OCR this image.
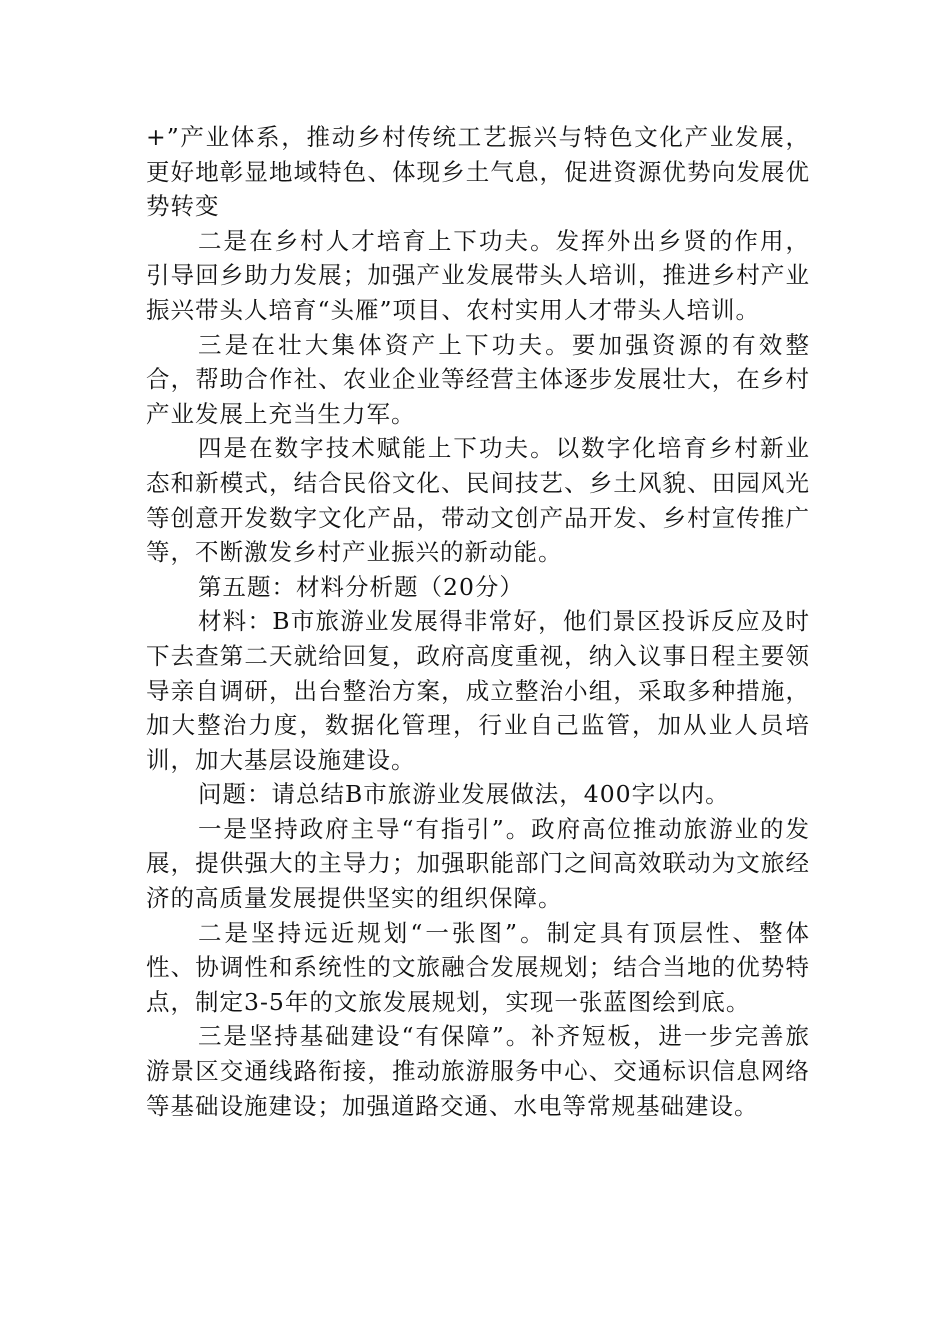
+”产业体系，推动乡村传统工艺振兴与特色文化产业发展，更好地彰显地域特色、体现乡土气息，促进资源优势向发展优势转变

二是在乡村人才培育上下功夫。发挥外出乡贤的作用，引导回乡助力发展；加强产业发展带头人培训，推进乡村产业振兴带头人培育“头雁”项目、农村实用人才带头人培训。

三是在壮大集体资产上下功夫。要加强资源的有效整合，帮助合作社、农业企业等经营主体逐步发展壮大，在乡村产业发展上充当生力军。

四是在数字技术赋能上下功夫。以数字化培育乡村新业态和新模式，结合民俗文化、民间技艺、乡土风貌、田园风光等创意开发数字文化产品，带动文创产品开发、乡村宣传推广等，不断激发乡村产业振兴的新动能。

第五题：材料分析题（20分）

材料：B市旅游业发展得非常好，他们景区投诉反应及时下去查第二天就给回复，政府高度重视，纳入议事日程主要领导亲自调研，出台整治方案，成立整治小组，采取多种措施，加大整治力度，数据化管理，行业自己监管，加从业人员培训，加大基层设施建设。

问题：请总结B市旅游业发展做法，400字以内。

一是坚持政府主导“有指引”。政府高位推动旅游业的发展，提供强大的主导力；加强职能部门之间高效联动为文旅经济的高质量发展提供坚实的组织保障。

二是坚持远近规划“一张图”。制定具有顶层性、整体性、协调性和系统性的文旅融合发展规划；结合当地的优势特点，制定3-5年的文旅发展规划，实现一张蓝图绘到底。

三是坚持基础建设“有保障”。补齐短板，进一步完善旅游景区交通线路衔接，推动旅游服务中心、交通标识信息网络等基础设施建设；加强道路交通、水电等常规基础建设。
